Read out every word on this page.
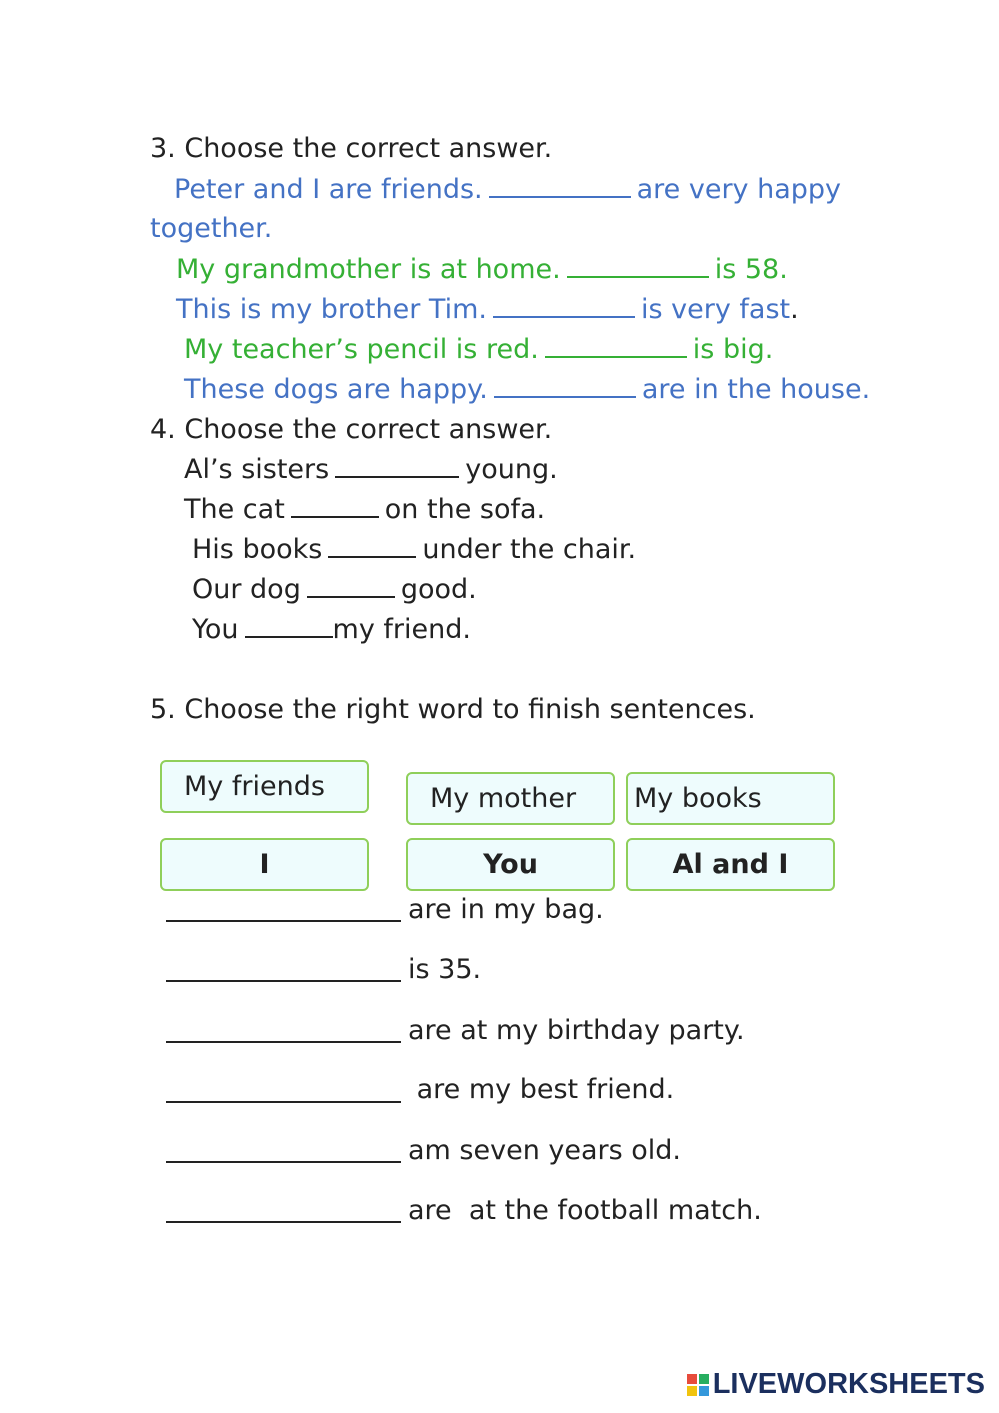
3. Choose the correct answer.
Peter and I are friends.	are very happy
together.
My grandmother is at home.	is 58.
This is my brother Tim.	is very fast.
My teacher’s pencil is red.	is big.
These dogs are happy.	are in the house.
4. Choose the correct answer.
Al’s sisters	young.
The cat	on the sofa.
His books	under the chair.
Our dog	good.
You	my friend.
5. Choose the right word to finish sentences.
My friends	My mother	My books
I	You	Al and I
are in my bag.
is 35.
are at my birthday party.
are my best friend.
am seven years old.
are  at the football match.
LIVEWORKSHEETS
